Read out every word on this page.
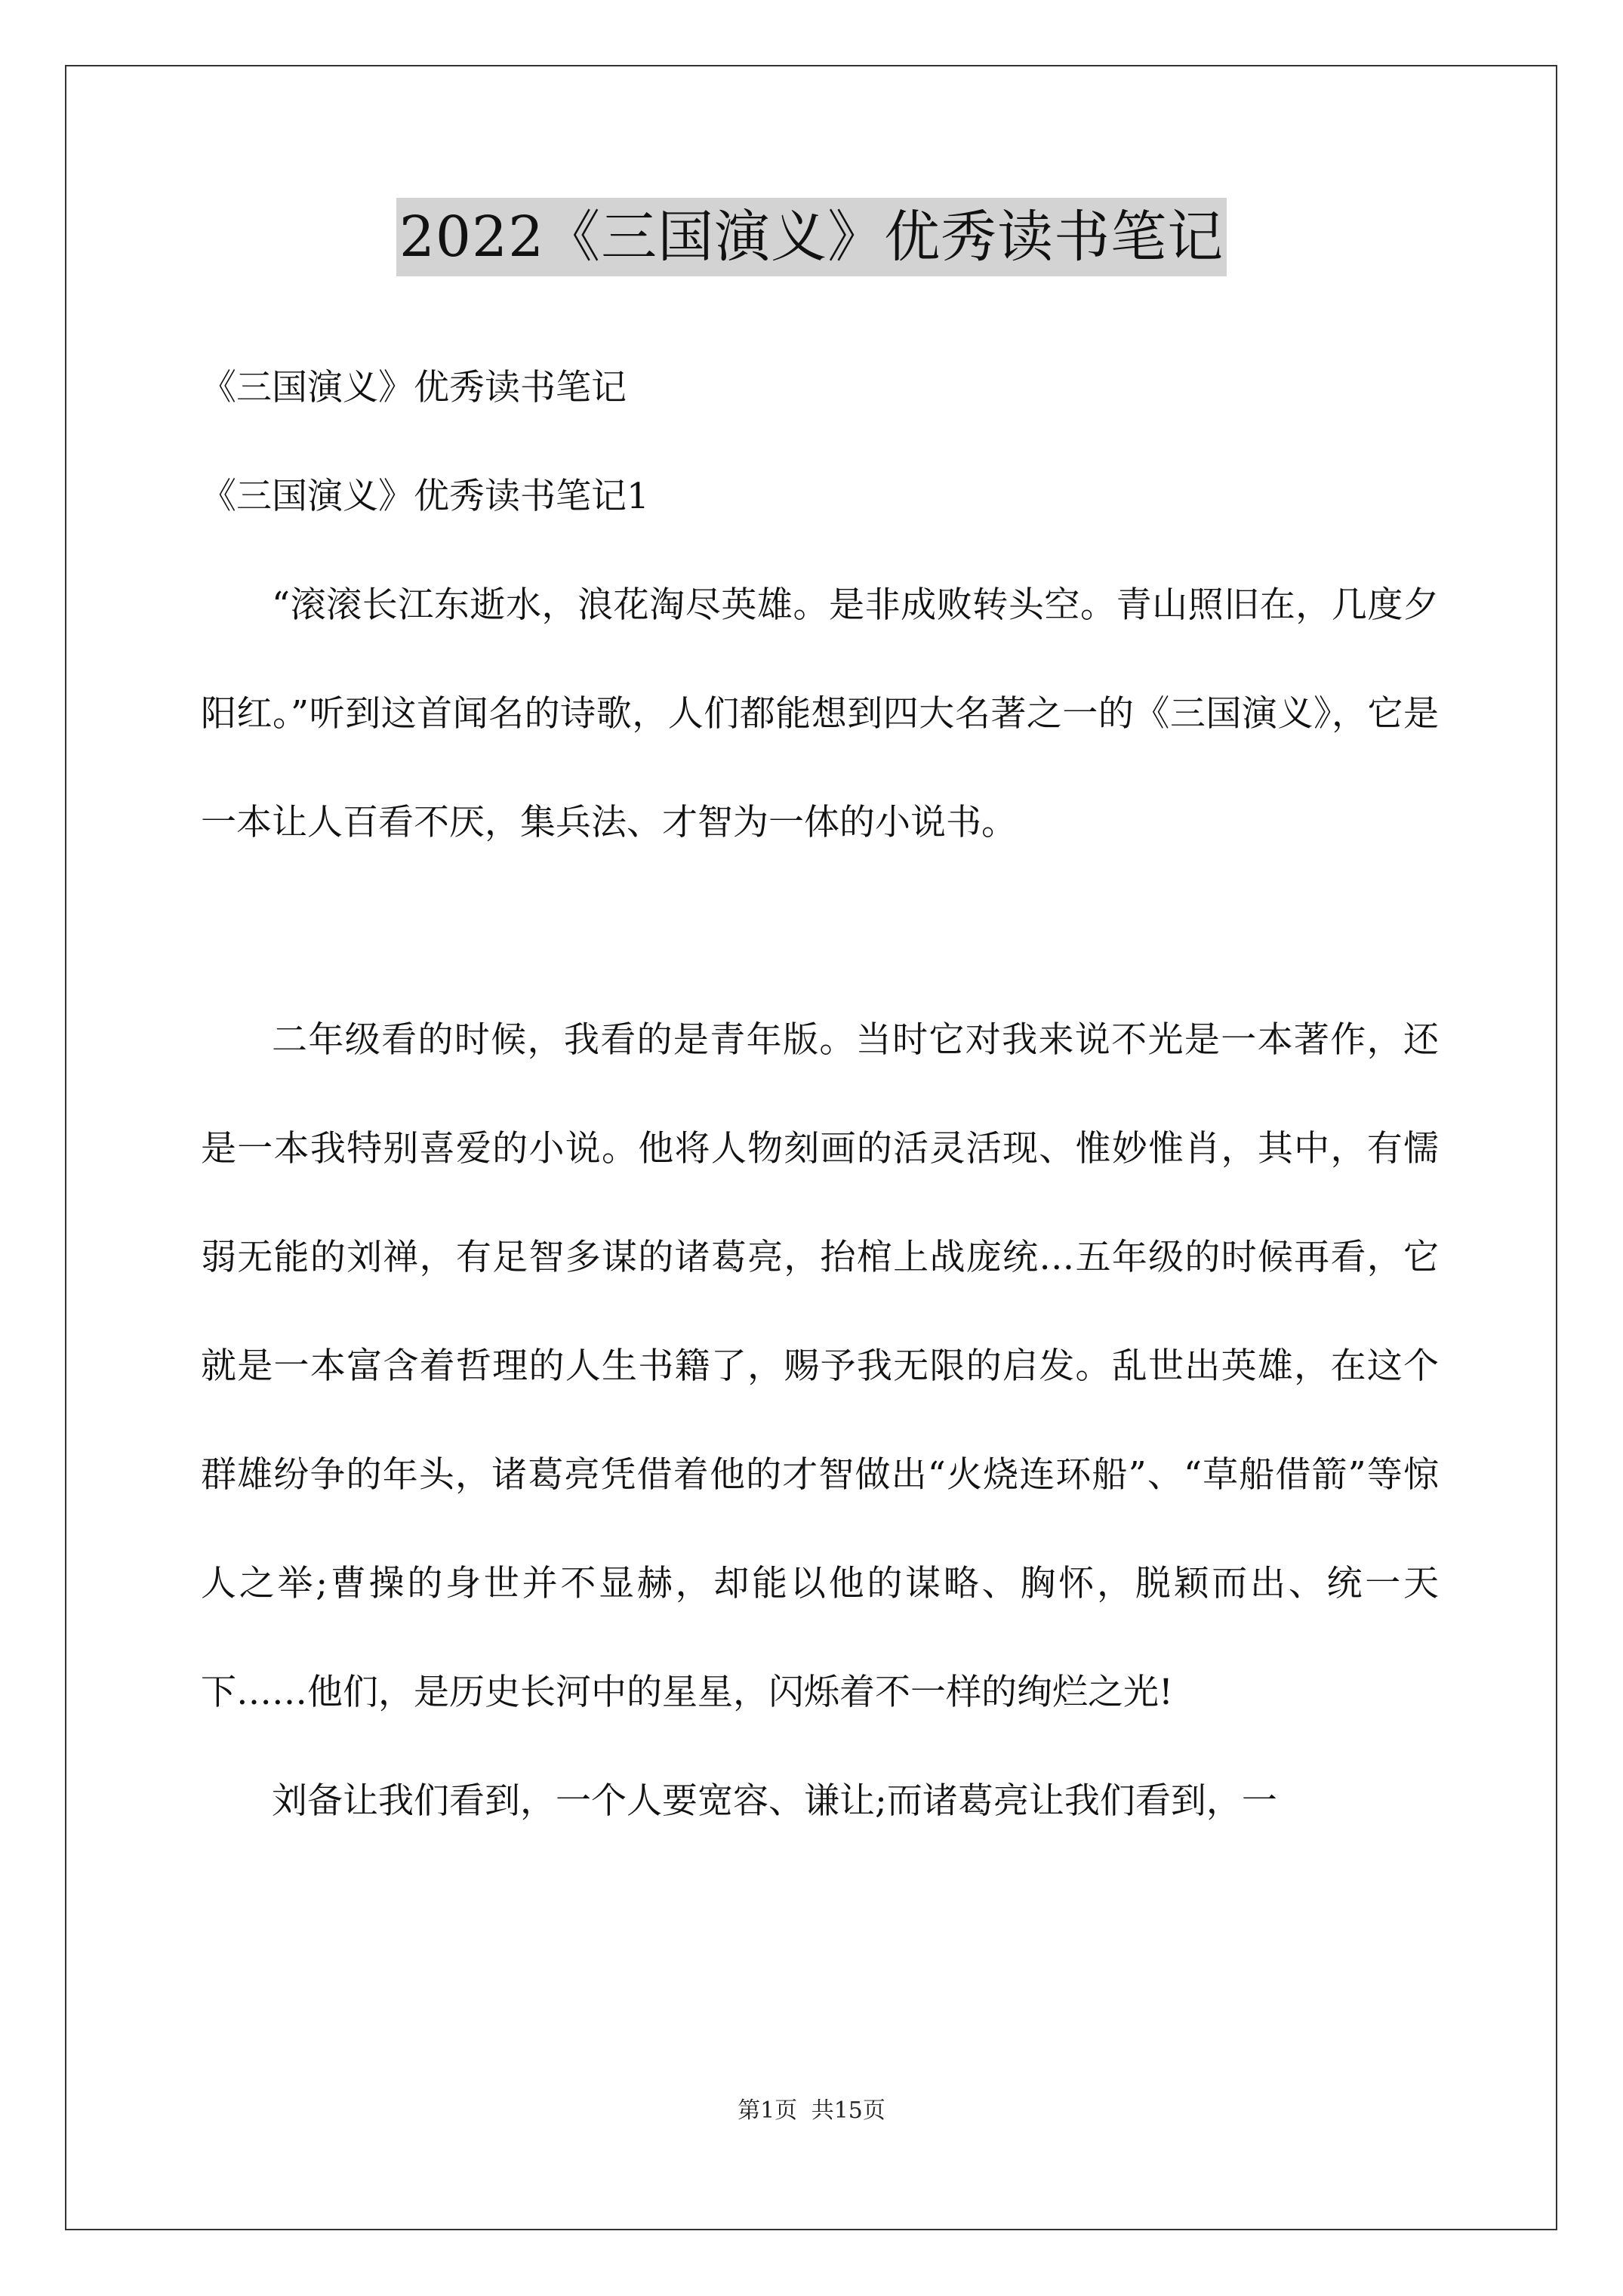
2022《三国演义》优秀读书笔记

《三国演义》优秀读书笔记

《三国演义》优秀读书笔记1

“滚滚长江东逝水，浪花淘尽英雄。是非成败转头空。青山照旧在，几度夕阳红。”听到这首闻名的诗歌，人们都能想到四大名著之一的《三国演义》，它是一本让人百看不厌，集兵法、才智为一体的小说书。

二年级看的时候，我看的是青年版。当时它对我来说不光是一本著作，还是一本我特别喜爱的小说。他将人物刻画的活灵活现、惟妙惟肖，其中，有懦弱无能的刘禅，有足智多谋的诸葛亮，抬棺上战庞统…五年级的时候再看，它就是一本富含着哲理的人生书籍了，赐予我无限的启发。乱世出英雄，在这个群雄纷争的年头，诸葛亮凭借着他的才智做出“火烧连环船”、“草船借箭”等惊人之举;曹操的身世并不显赫，却能以他的谋略、胸怀，脱颖而出、统一天下……他们，是历史长河中的星星，闪烁着不一样的绚烂之光!

刘备让我们看到，一个人要宽容、谦让;而诸葛亮让我们看到，一

第1页 共15页
